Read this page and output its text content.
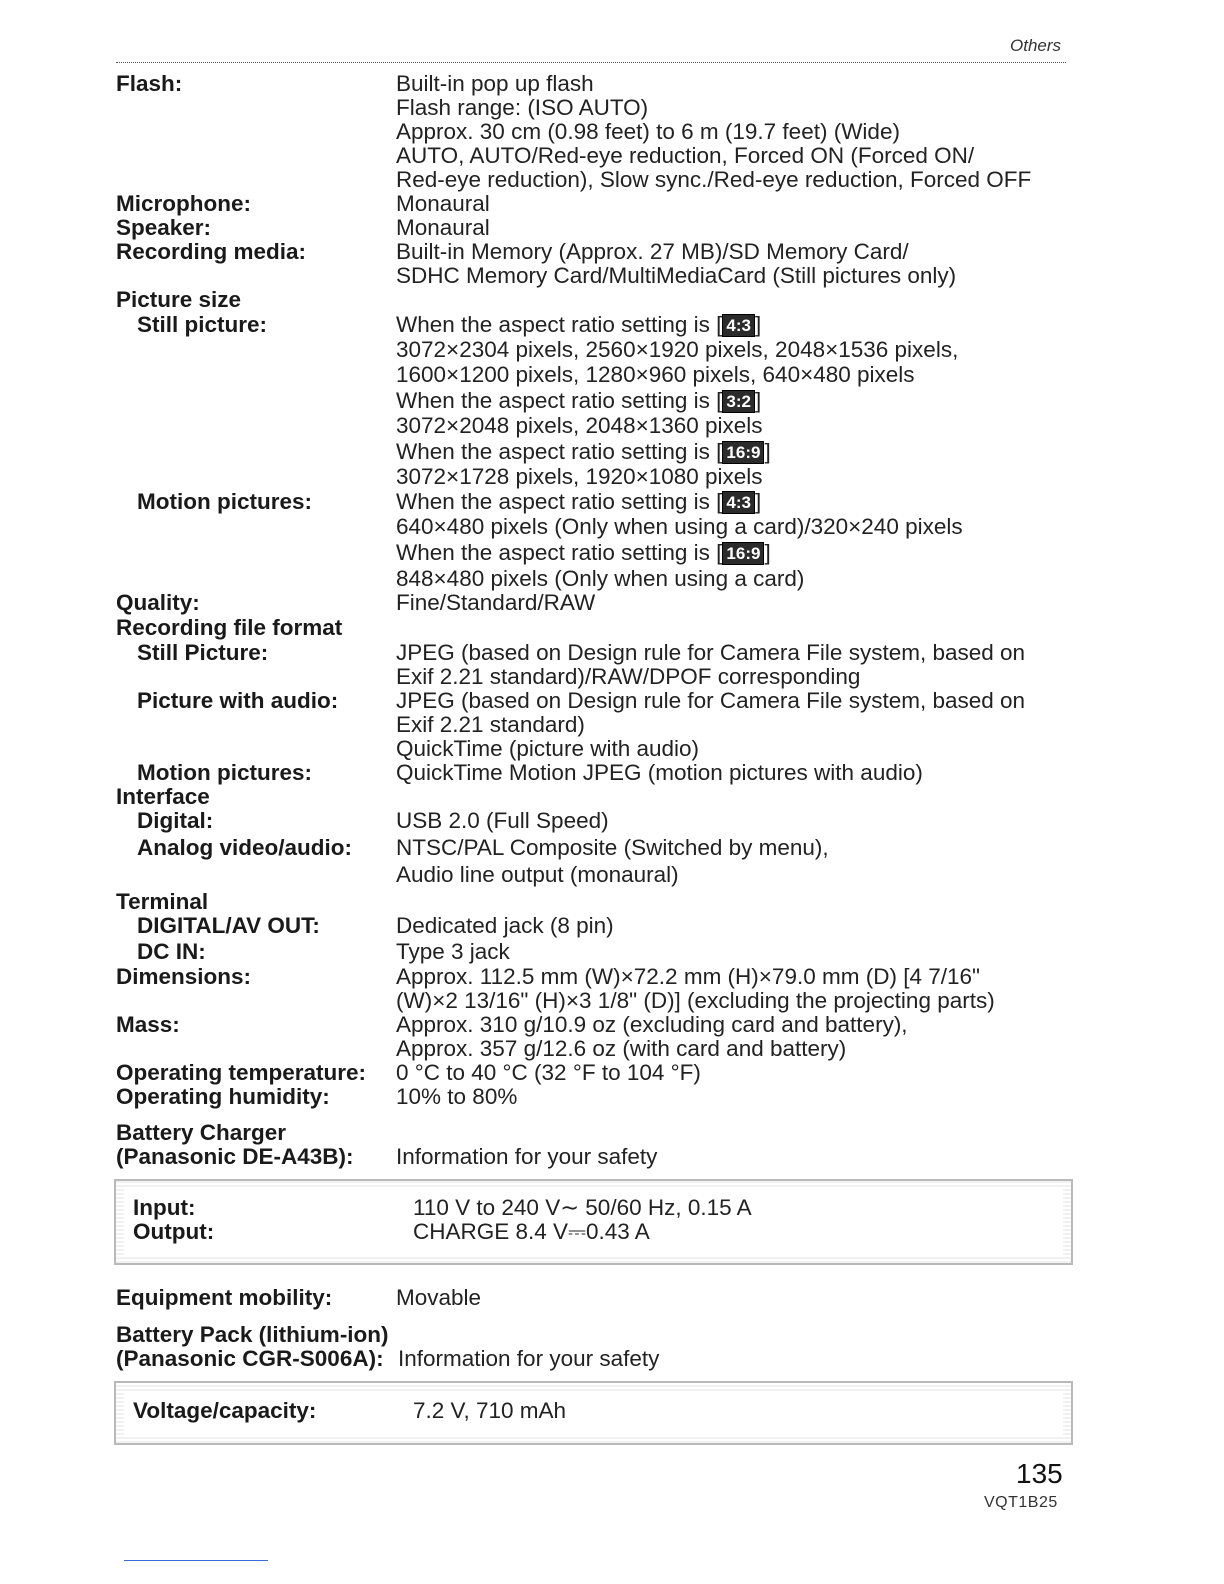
Others
Flash:	Built-in pop up flash
Flash range: (ISO AUTO)
Approx. 30 cm (0.98 feet) to 6 m (19.7 feet) (Wide)
AUTO, AUTO/Red-eye reduction, Forced ON (Forced ON/
Red-eye reduction), Slow sync./Red-eye reduction, Forced OFF
Microphone:	Monaural
Speaker:	Monaural
Recording media:	Built-in Memory (Approx. 27 MB)/SD Memory Card/
SDHC Memory Card/MultiMediaCard (Still pictures only)
Picture size
Still picture:	When the aspect ratio setting is [ 4:3 ]
3072×2304 pixels, 2560×1920 pixels, 2048×1536 pixels,
1600×1200 pixels, 1280×960 pixels, 640×480 pixels
When the aspect ratio setting is [ 3:2 ]
3072×2048 pixels, 2048×1360 pixels
When the aspect ratio setting is [ 16:9 ]
3072×1728 pixels, 1920×1080 pixels
Motion pictures:	When the aspect ratio setting is [ 4:3 ]
640×480 pixels (Only when using a card)/320×240 pixels
When the aspect ratio setting is [ 16:9 ]
848×480 pixels (Only when using a card)
Quality:	Fine/Standard/RAW
Recording file format
Still Picture:	JPEG (based on Design rule for Camera File system, based on
Exif 2.21 standard)/RAW/DPOF corresponding
Picture with audio:	JPEG (based on Design rule for Camera File system, based on
Exif 2.21 standard)
QuickTime (picture with audio)
Motion pictures:	QuickTime Motion JPEG (motion pictures with audio)
Interface
Digital:	USB 2.0 (Full Speed)
Analog video/audio: NTSC/PAL Composite (Switched by menu),
Audio line output (monaural)
Terminal
DIGITAL/AV OUT:	Dedicated jack (8 pin)
DC IN:	Type 3 jack
Dimensions:	Approx. 112.5 mm (W)×72.2 mm (H)×79.0 mm (D) [4 7/16"
(W)×2 13/16" (H)×3 1/8" (D)] (excluding the projecting parts)
Mass:	Approx. 310 g/10.9 oz (excluding card and battery),
Approx. 357 g/12.6 oz (with card and battery)
Operating temperature: 0 °C to 40 °C (32 °F to 104 °F)
Operating humidity:	10% to 80%
Battery Charger
(Panasonic DE-A43B): Information for your safety
Input:	110 V to 240 V∼ 50/60 Hz, 0.15 A
Output:	CHARGE 8.4 V⎓0.43 A
Equipment mobility:	Movable
Battery Pack (lithium-ion)
(Panasonic CGR-S006A): Information for your safety
Voltage/capacity:	7.2 V, 710 mAh
135
VQT1B25
